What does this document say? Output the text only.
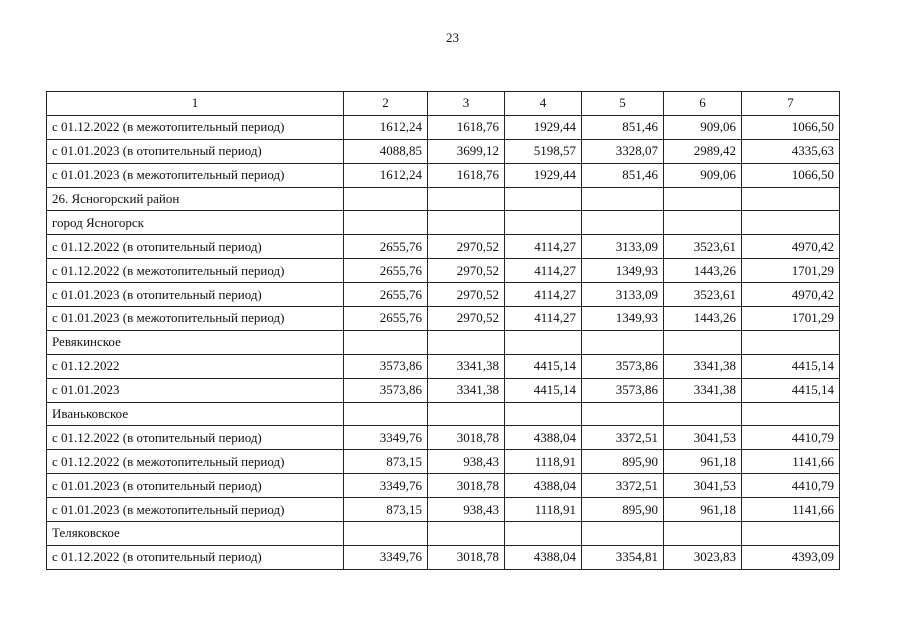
23
1	2	3	4	5	6	7
с 01.12.2022 (в межотопительный период)	1612,24	1618,76	1929,44	851,46	909,06	1066,50
с 01.01.2023 (в отопительный период)	4088,85	3699,12	5198,57	3328,07	2989,42	4335,63
с 01.01.2023 (в межотопительный период)	1612,24	1618,76	1929,44	851,46	909,06	1066,50
26. Ясногорский район						
город Ясногорск						
с 01.12.2022 (в отопительный период)	2655,76	2970,52	4114,27	3133,09	3523,61	4970,42
с 01.12.2022 (в межотопительный период)	2655,76	2970,52	4114,27	1349,93	1443,26	1701,29
с 01.01.2023 (в отопительный период)	2655,76	2970,52	4114,27	3133,09	3523,61	4970,42
с 01.01.2023 (в межотопительный период)	2655,76	2970,52	4114,27	1349,93	1443,26	1701,29
Ревякинское						
с 01.12.2022	3573,86	3341,38	4415,14	3573,86	3341,38	4415,14
с 01.01.2023	3573,86	3341,38	4415,14	3573,86	3341,38	4415,14
Иваньковское						
с 01.12.2022 (в отопительный период)	3349,76	3018,78	4388,04	3372,51	3041,53	4410,79
с 01.12.2022 (в межотопительный период)	873,15	938,43	1118,91	895,90	961,18	1141,66
с 01.01.2023 (в отопительный период)	3349,76	3018,78	4388,04	3372,51	3041,53	4410,79
с 01.01.2023 (в межотопительный период)	873,15	938,43	1118,91	895,90	961,18	1141,66
Теляковское						
с 01.12.2022 (в отопительный период)	3349,76	3018,78	4388,04	3354,81	3023,83	4393,09
